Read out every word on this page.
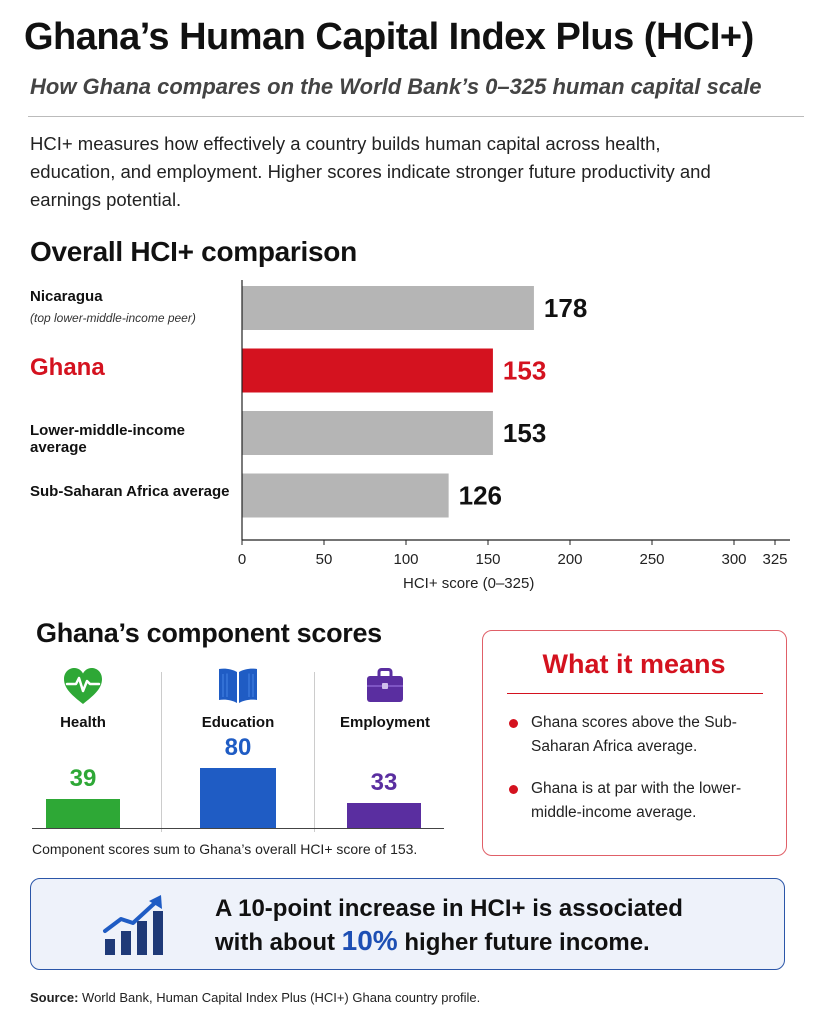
Ghana’s Human Capital Index Plus (HCI+)
How Ghana compares on the World Bank’s 0–325 human capital scale
HCI+ measures how effectively a country builds human capital across health, education, and employment. Higher scores indicate stronger future productivity and earnings potential.
Overall HCI+ comparison
Nicaragua
(top lower-middle-income peer)
Ghana
Lower-middle-income average
Sub-Saharan Africa average
178
153
153
126
0	50	100	150	200	250	300 325
HCI+ score (0–325)
Ghana’s component scores
Health	Education	Employment
39
80
33
Component scores sum to Ghana’s overall HCI+ score of 153.
What it means
Ghana scores above the Sub-Saharan Africa average.
Ghana is at par with the lower-middle-income average.
A 10-point increase in HCI+ is associated
with about 10% higher future income.
Source: World Bank, Human Capital Index Plus (HCI+) Ghana country profile.
